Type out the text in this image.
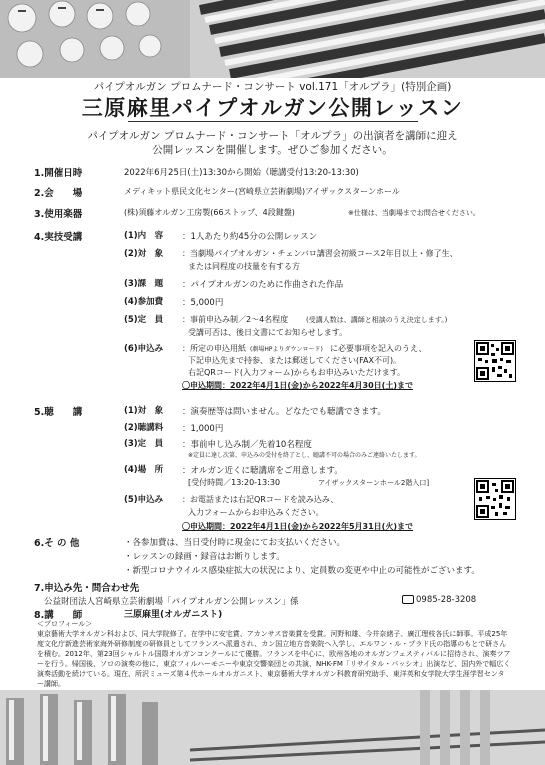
パイプオルガン プロムナード・コンサート vol.171「オルプラ」(特別企画)
三原麻里パイプオルガン公開レッスン
パイプオルガン プロムナード・コンサート「オルプラ」の出演者を講師に迎え
公開レッスンを開催します。ぜひご参加ください。
1.開催日時	2022年6月25日(土)13:30から開始（聴講受付13:20-13:30)
2.会　　場	メディキット県民文化センター(宮崎県立芸術劇場)アイザックスターンホール
3.使用楽器	(株)須藤オルガン工房製(66ストップ、4段鍵盤)	※仕様は、当劇場までお問合せください。
4.実技受講	(1)内　容 ：1人あたり約45分の公開レッスン
(2)対　象 ：当劇場パイプオルガン・チェンバロ講習会初級コース2年目以上・修了生、
または同程度の技量を有する方
(3)課　題 ：パイプオルガンのために作曲された作品
(4)参加費 ：5,000円
(5)定　員 ：事前申込み制／2～4名程度	(受講人数は、講師と相談のうえ決定します。)
受講可否は、後日文書にてお知らせします。
(6)申込み ：所定の申込用紙 (劇場HPよりダウンロード) に必要事項を記入のうえ、
下記申込先まで持参、または郵送してください(FAX不可)。
右記QRコード(入力フォーム)からもお申込みいただけます。
〇申込期間：2022年4月1日(金)から2022年4月30日(土)まで
5.聴　　講	(1)対　象 ：演奏歴等は問いません。どなたでも聴講できます。
(2)聴講料 ：1,000円
(3)定　員 ：事前申し込み制／先着10名程度
※定員に達し次第、申込みの受付を終了とし、聴講不可の場合のみご連絡いたします。
(4)場　所 ：オルガン近くに聴講席をご用意します。
[受付時間／13:20-13:30	アイザックスターンホール2階入口]
(5)申込み ：お電話または右記QRコードを読み込み、
入力フォームからお申込みください。
〇申込期間：2022年4月1日(金)から2022年5月31日(火)まで
6.そ の 他	・各参加費は、当日受付時に現金にてお支払いください。
・レッスンの録画・録音はお断りします。
・新型コロナウイルス感染症拡大の状況により、定員数の変更や中止の可能性がございます。
7.申込み先・問合わせ先
公益財団法人宮崎県立芸術劇場「パイプオルガン公開レッスン」係	0985-28-3208
8.講　　師	三原麻里(オルガニスト)
＜プロフィール＞
東京藝術大学オルガン科および、同大学院修了。在学中に安宅賞、アカンサス音楽賞を受賞。河野和雄、今井奈緒子、廣江理枝各氏に師事。平成25年度文化庁新進芸術家海外研修制度の研修員としてフランスへ派遣され、カン国立地方音楽院へ入学し、エルワン・ル・プラド氏の指導のもとで研さんを積む。2012年、第23回シャルトル国際オルガンコンクールにて優勝。フランスを中心に、欧州各地のオルガンフェスティバルに招待され、演奏ツアーを行う。帰国後、ソロの演奏の他に、東京フィルハーモニーや東京交響楽団との共演、NHK-FM「リサイタル・パッシオ」出演など、国内外で幅広く演奏活動を続けている。現在、所沢ミューズ第４代ホールオルガニスト、東京藝術大学オルガン科教育研究助手、東洋英和女学院大学生涯学習センター講師。
